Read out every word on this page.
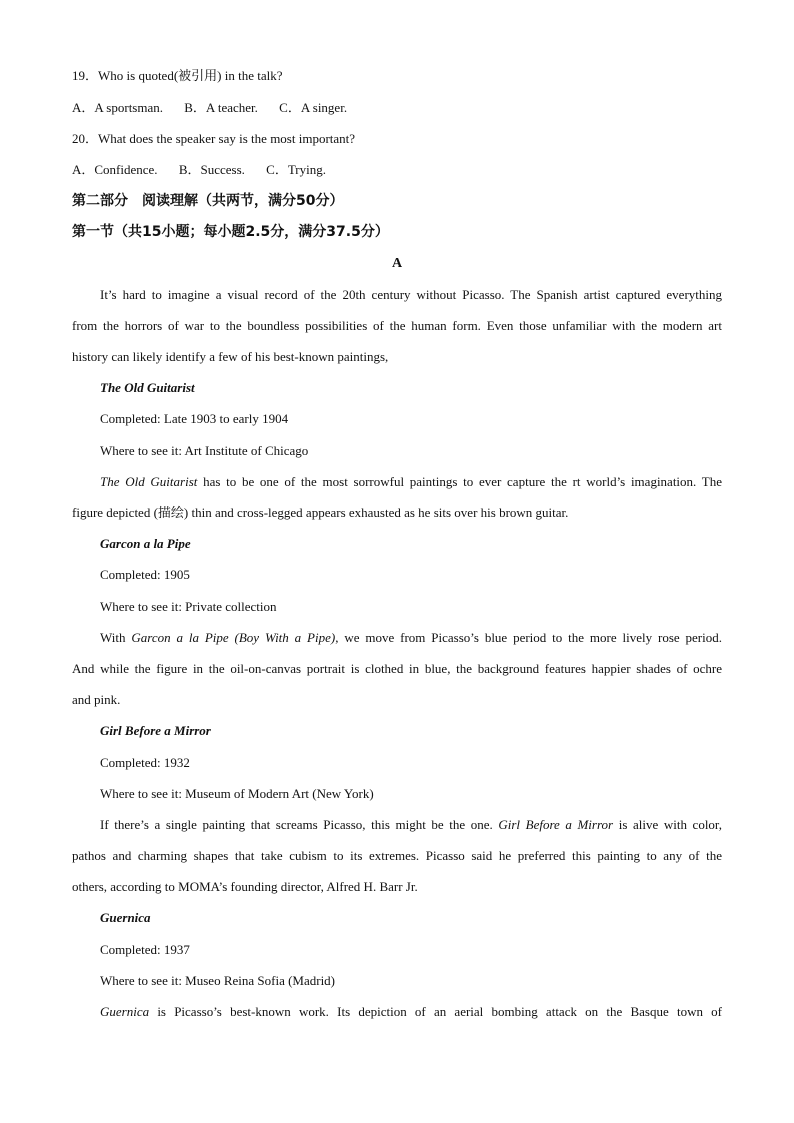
19．Who is quoted(被引用) in the talk?
A．A sportsman. B．A teacher. C．A singer.
20．What does the speaker say is the most important?
A．Confidence. B．Success. C．Trying.
第二部分　阅读理解（共两节，满分50分）
第一节（共15小题；每小题2.5分，满分37.5分）
A
It’s hard to imagine a visual record of the 20th century without Picasso. The Spanish artist captured everything
from the horrors of war to the boundless possibilities of the human form. Even those unfamiliar with the modern art
history can likely identify a few of his best-known paintings,
The Old Guitarist
Completed: Late 1903 to early 1904
Where to see it: Art Institute of Chicago
The Old Guitarist has to be one of the most sorrowful paintings to ever capture the rt world’s imagination. The
figure depicted (描绘) thin and cross-legged appears exhausted as he sits over his brown guitar.
Garcon a la Pipe
Completed: 1905
Where to see it: Private collection
With Garcon a la Pipe (Boy With a Pipe), we move from Picasso’s blue period to the more lively rose period.
And while the figure in the oil-on-canvas portrait is clothed in blue, the background features happier shades of ochre
and pink.
Girl Before a Mirror
Completed: 1932
Where to see it: Museum of Modern Art (New York)
If there’s a single painting that screams Picasso, this might be the one. Girl Before a Mirror is alive with color,
pathos and charming shapes that take cubism to its extremes. Picasso said he preferred this painting to any of the
others, according to MOMA’s founding director, Alfred H. Barr Jr.
Guernica
Completed: 1937
Where to see it: Museo Reina Sofia (Madrid)
Guernica is Picasso’s best-known work. Its depiction of an aerial bombing attack on the Basque town of
